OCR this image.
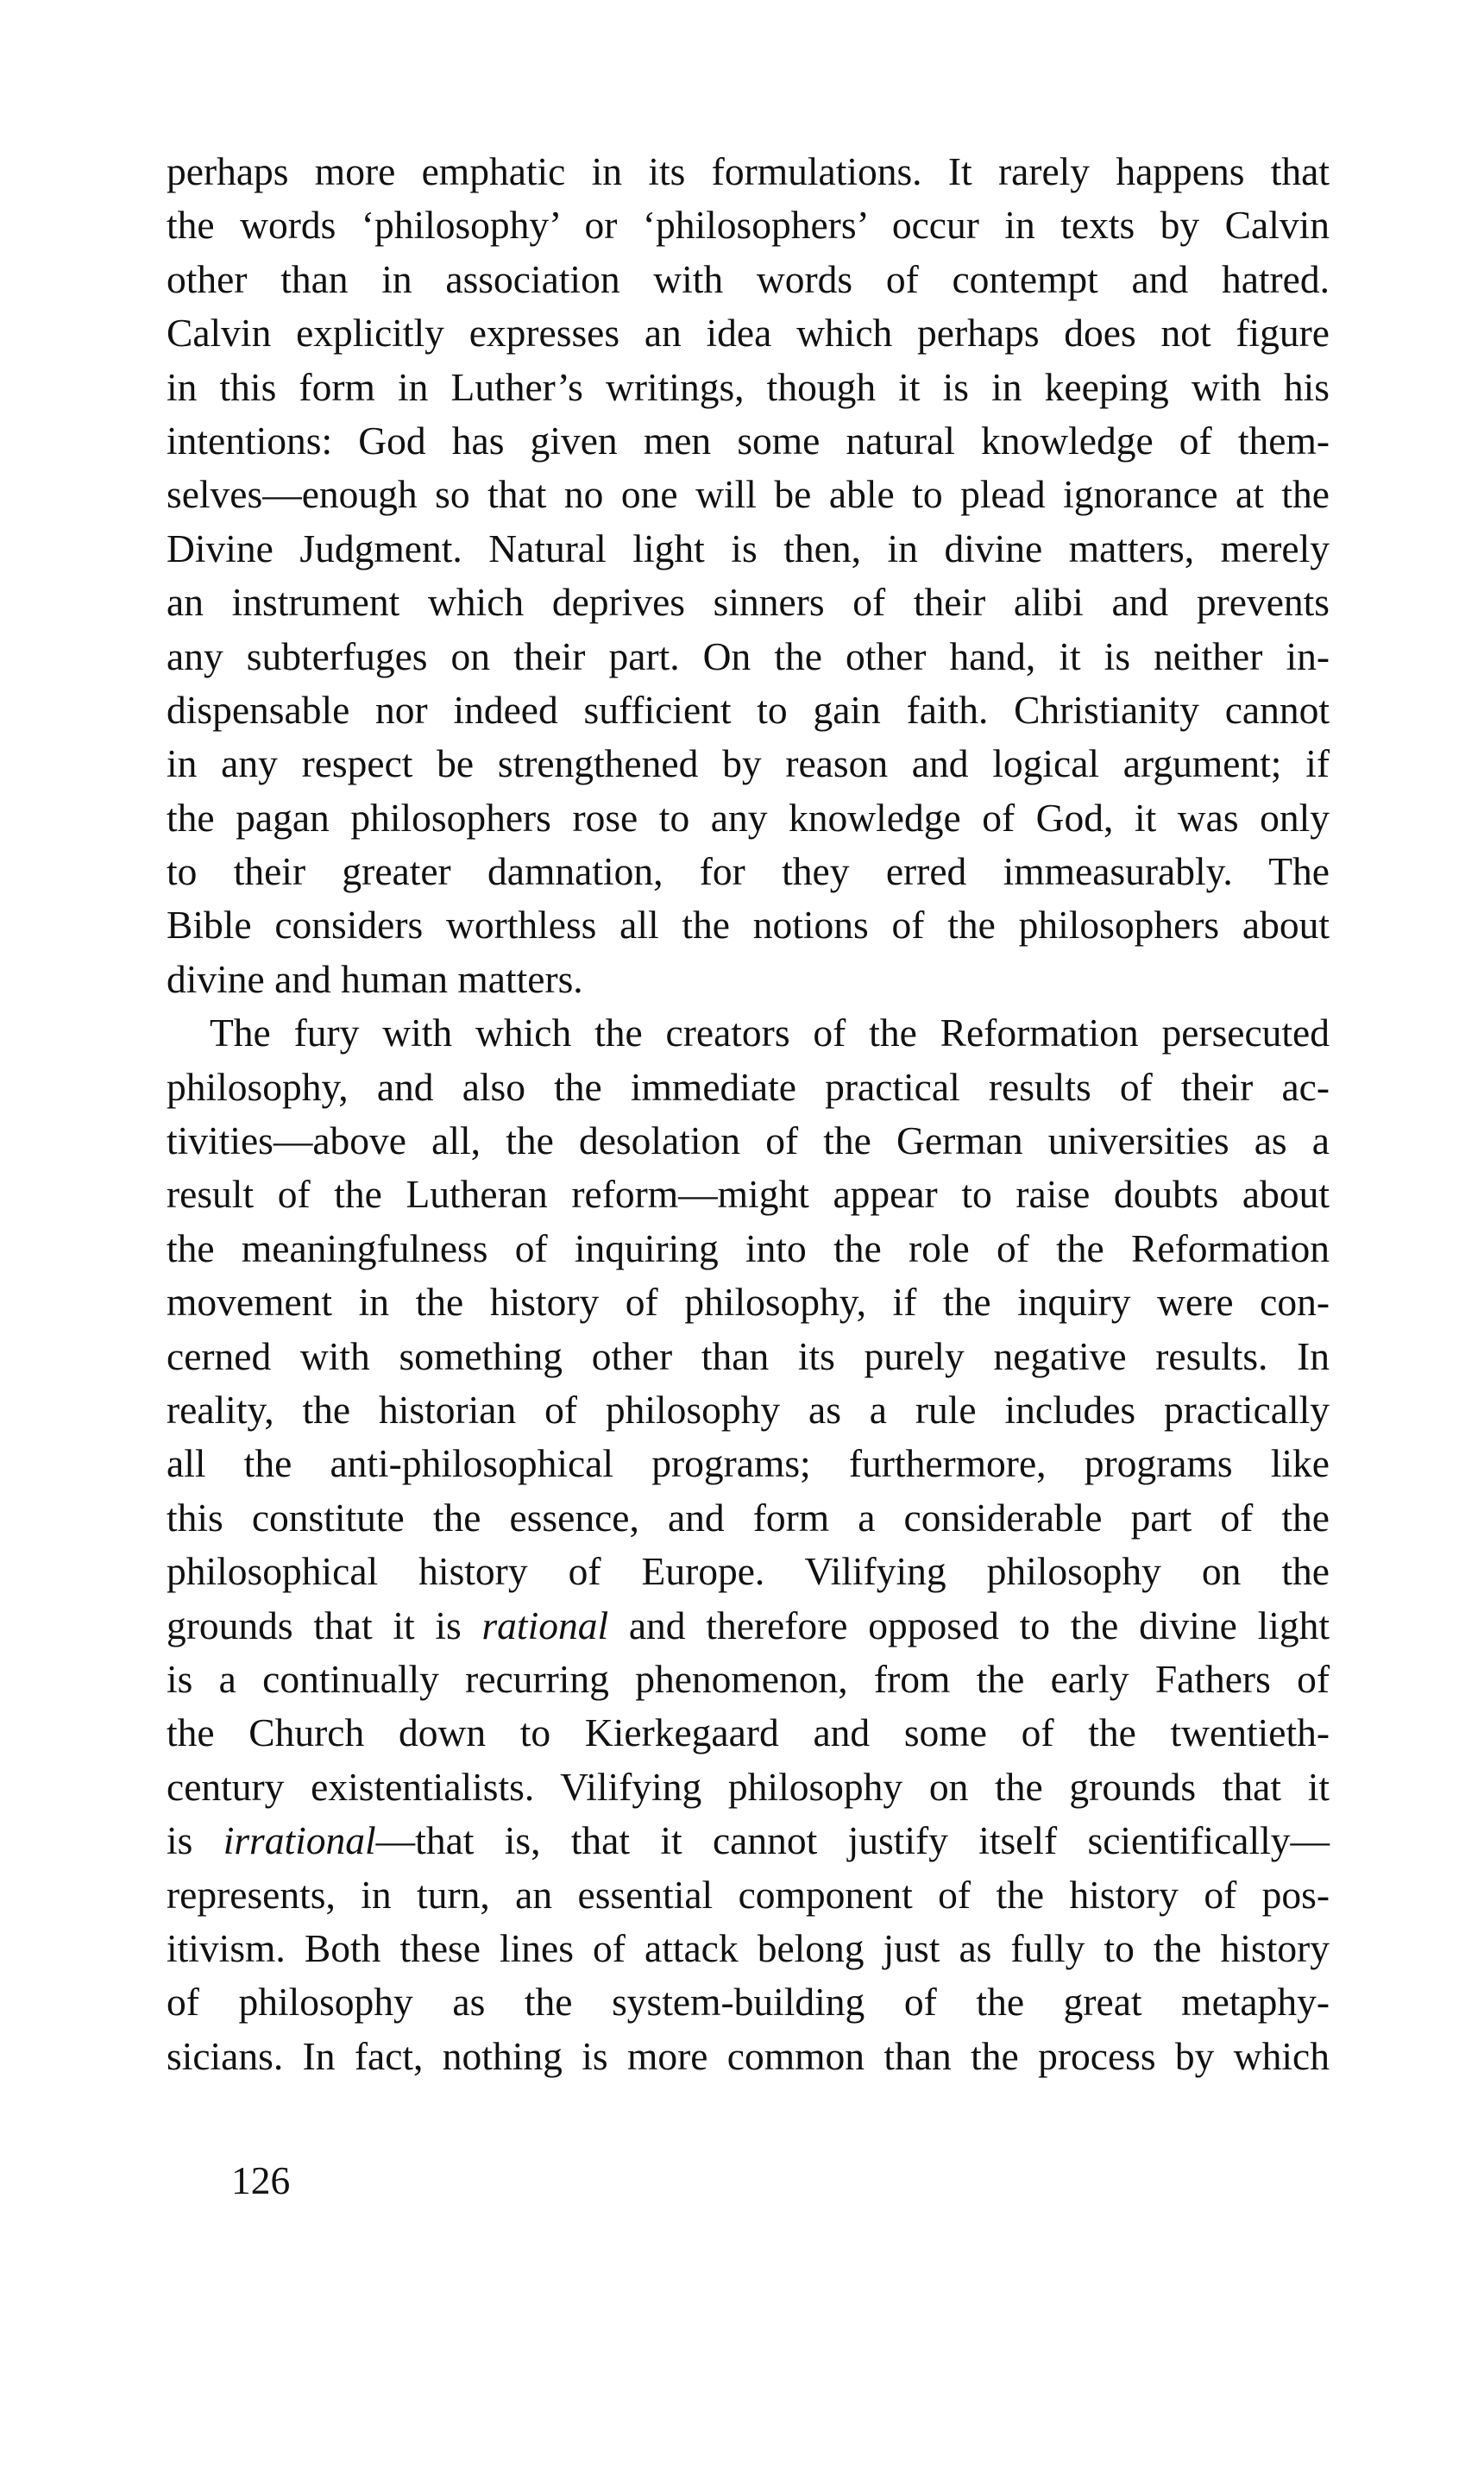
perhaps more emphatic in its formulations. It rarely happens that
the words ‘philosophy’ or ‘philosophers’ occur in texts by Calvin
other than in association with words of contempt and hatred.
Calvin explicitly expresses an idea which perhaps does not figure
in this form in Luther’s writings, though it is in keeping with his
intentions: God has given men some natural knowledge of them-
selves—enough so that no one will be able to plead ignorance at the
Divine Judgment. Natural light is then, in divine matters, merely
an instrument which deprives sinners of their alibi and prevents
any subterfuges on their part. On the other hand, it is neither in-
dispensable nor indeed sufficient to gain faith. Christianity cannot
in any respect be strengthened by reason and logical argument; if
the pagan philosophers rose to any knowledge of God, it was only
to their greater damnation, for they erred immeasurably. The
Bible considers worthless all the notions of the philosophers about
divine and human matters.
The fury with which the creators of the Reformation persecuted
philosophy, and also the immediate practical results of their ac-
tivities—above all, the desolation of the German universities as a
result of the Lutheran reform—might appear to raise doubts about
the meaningfulness of inquiring into the role of the Reformation
movement in the history of philosophy, if the inquiry were con-
cerned with something other than its purely negative results. In
reality, the historian of philosophy as a rule includes practically
all the anti-philosophical programs; furthermore, programs like
this constitute the essence, and form a considerable part of the
philosophical history of Europe. Vilifying philosophy on the
grounds that it is rational and therefore opposed to the divine light
is a continually recurring phenomenon, from the early Fathers of
the Church down to Kierkegaard and some of the twentieth-
century existentialists. Vilifying philosophy on the grounds that it
is irrational—that is, that it cannot justify itself scientifically—
represents, in turn, an essential component of the history of pos-
itivism. Both these lines of attack belong just as fully to the history
of philosophy as the system-building of the great metaphy-
sicians. In fact, nothing is more common than the process by which
126
